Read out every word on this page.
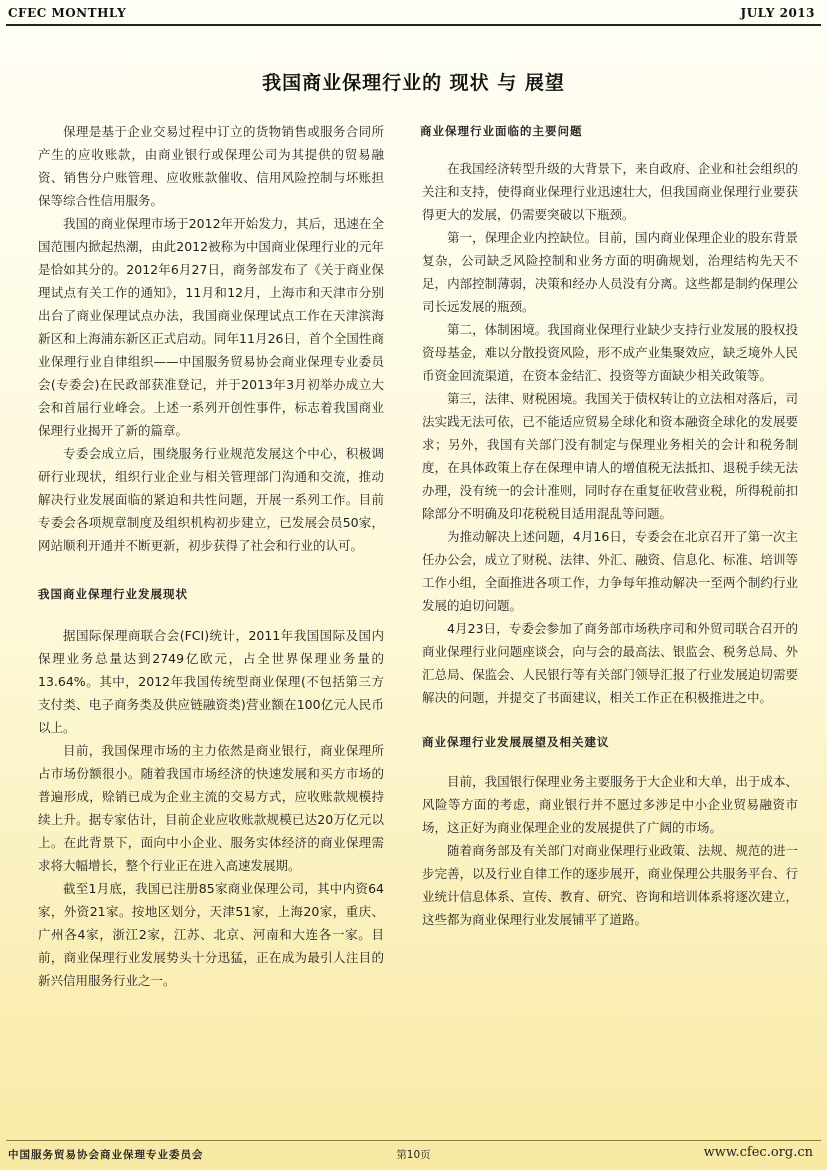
CFEC MONTHLY	JULY 2013
我国商业保理行业的 现状 与 展望

保理是基于企业交易过程中订立的货物销售或服务合同所产生的应收账款，由商业银行或保理公司为其提供的贸易融资、销售分户账管理、应收账款催收、信用风险控制与坏账担保等综合性信用服务。

我国的商业保理市场于2012年开始发力，其后，迅速在全国范围内掀起热潮，由此2012被称为中国商业保理行业的元年是恰如其分的。2012年6月27日，商务部发布了《关于商业保理试点有关工作的通知》，11月和12月，上海市和天津市分别出台了商业保理试点办法，我国商业保理试点工作在天津滨海新区和上海浦东新区正式启动。同年11月26日，首个全国性商业保理行业自律组织——中国服务贸易协会商业保理专业委员会(专委会)在民政部获准登记，并于2013年3月初举办成立大会和首届行业峰会。上述一系列开创性事件，标志着我国商业保理行业揭开了新的篇章。

专委会成立后，围绕服务行业规范发展这个中心，积极调研行业现状，组织行业企业与相关管理部门沟通和交流，推动解决行业发展面临的紧迫和共性问题，开展一系列工作。目前专委会各项规章制度及组织机构初步建立，已发展会员50家，网站顺利开通并不断更新，初步获得了社会和行业的认可。

我国商业保理行业发展现状

据国际保理商联合会(FCI)统计，2011年我国国际及国内保理业务总量达到2749亿欧元，占全世界保理业务量的13.64%。其中，2012年我国传统型商业保理(不包括第三方支付类、电子商务类及供应链融资类)营业额在100亿元人民币以上。

目前，我国保理市场的主力依然是商业银行，商业保理所占市场份额很小。随着我国市场经济的快速发展和买方市场的普遍形成，赊销已成为企业主流的交易方式，应收账款规模持续上升。据专家估计，目前企业应收账款规模已达20万亿元以上。在此背景下，面向中小企业、服务实体经济的商业保理需求将大幅增长，整个行业正在进入高速发展期。

截至1月底，我国已注册85家商业保理公司，其中内资64家，外资21家。按地区划分，天津51家，上海20家，重庆、广州各4家，浙江2家，江苏、北京、河南和大连各一家。目前，商业保理行业发展势头十分迅猛，正在成为最引人注目的新兴信用服务行业之一。

商业保理行业面临的主要问题

在我国经济转型升级的大背景下，来自政府、企业和社会组织的关注和支持，使得商业保理行业迅速壮大，但我国商业保理行业要获得更大的发展，仍需要突破以下瓶颈。

第一，保理企业内控缺位。目前，国内商业保理企业的股东背景复杂，公司缺乏风险控制和业务方面的明确规划，治理结构先天不足，内部控制薄弱，决策和经办人员没有分离。这些都是制约保理公司长远发展的瓶颈。

第二，体制困境。我国商业保理行业缺少支持行业发展的股权投资母基金，难以分散投资风险，形不成产业集聚效应，缺乏境外人民币资金回流渠道，在资本金结汇、投资等方面缺少相关政策等。

第三，法律、财税困境。我国关于债权转让的立法相对落后，司法实践无法可依，已不能适应贸易全球化和资本融资全球化的发展要求；另外，我国有关部门没有制定与保理业务相关的会计和税务制度，在具体政策上存在保理申请人的增值税无法抵扣、退税手续无法办理，没有统一的会计准则，同时存在重复征收营业税，所得税前扣除部分不明确及印花税税目适用混乱等问题。

为推动解决上述问题，4月16日，专委会在北京召开了第一次主任办公会，成立了财税、法律、外汇、融资、信息化、标准、培训等工作小组，全面推进各项工作，力争每年推动解决一至两个制约行业发展的迫切问题。

4月23日，专委会参加了商务部市场秩序司和外贸司联合召开的商业保理行业问题座谈会，向与会的最高法、银监会、税务总局、外汇总局、保监会、人民银行等有关部门领导汇报了行业发展迫切需要解决的问题，并提交了书面建议，相关工作正在积极推进之中。

商业保理行业发展展望及相关建议

目前，我国银行保理业务主要服务于大企业和大单，出于成本、风险等方面的考虑，商业银行并不愿过多涉足中小企业贸易融资市场，这正好为商业保理企业的发展提供了广阔的市场。

随着商务部及有关部门对商业保理行业政策、法规、规范的进一步完善，以及行业自律工作的逐步展开，商业保理公共服务平台、行业统计信息体系、宣传、教育、研究、咨询和培训体系将逐次建立，这些都为商业保理行业发展铺平了道路。

中国服务贸易协会商业保理专业委员会	第10页	www.cfec.org.cn
